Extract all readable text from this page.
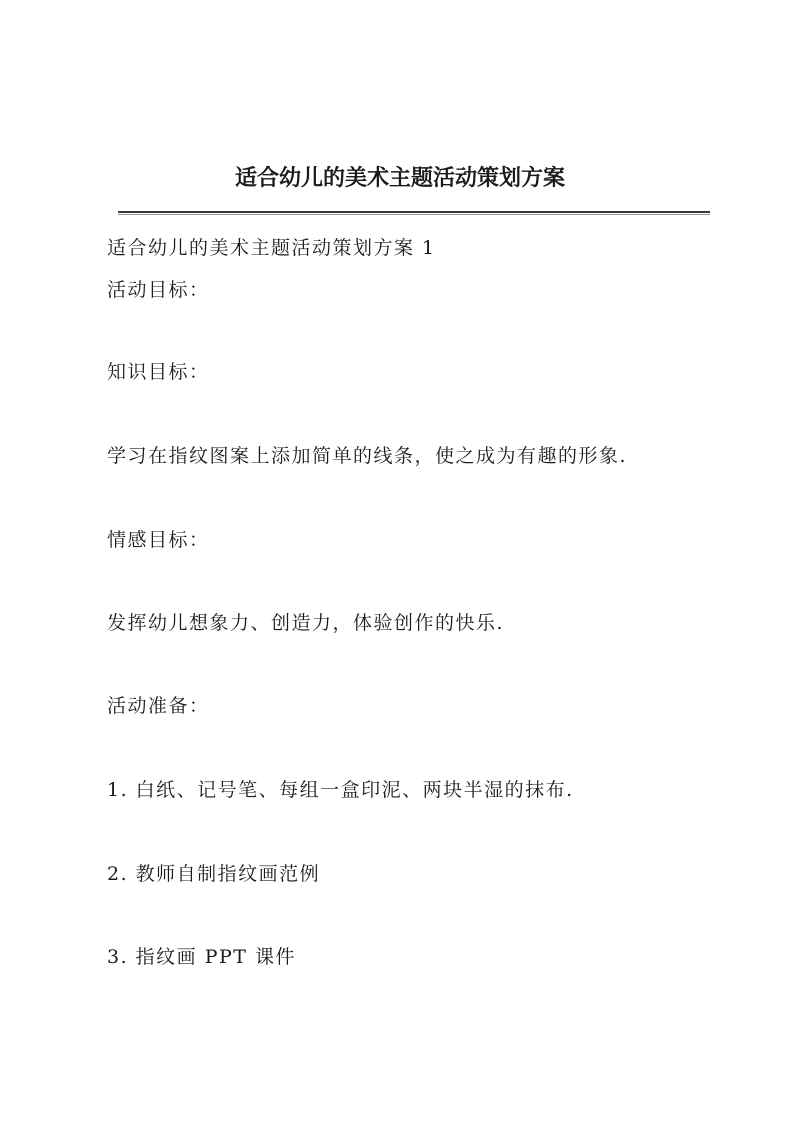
适合幼儿的美术主题活动策划方案
适合幼儿的美术主题活动策划方案 1
活动目标：
知识目标：
学习在指纹图案上添加简单的线条，使之成为有趣的形象.
情感目标：
发挥幼儿想象力、创造力，体验创作的快乐.
活动准备：
1. 白纸、记号笔、每组一盒印泥、两块半湿的抹布.
2. 教师自制指纹画范例
3. 指纹画 PPT 课件
